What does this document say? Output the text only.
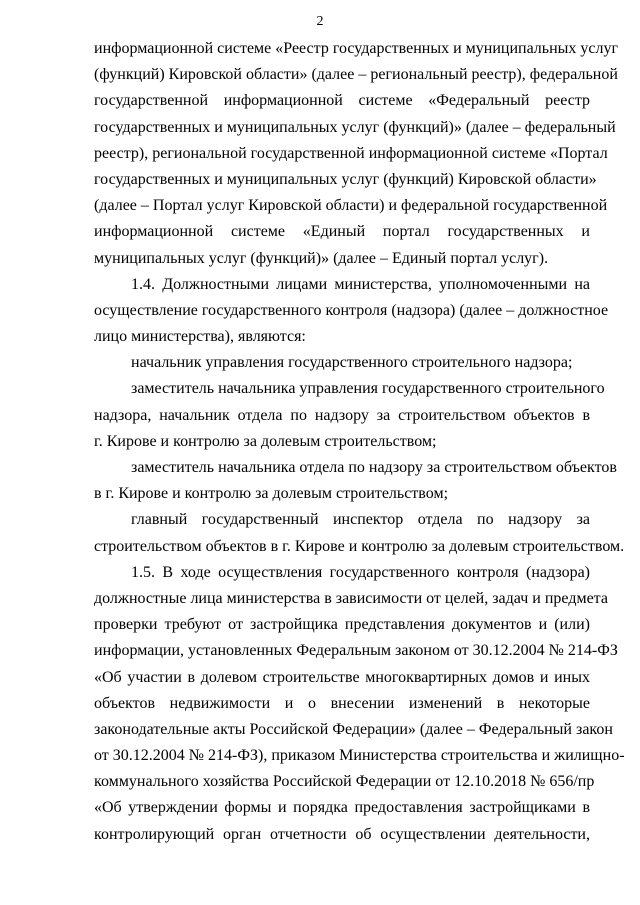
2
информационной системе «Реестр государственных и муниципальных услуг
(функций) Кировской области» (далее – региональный реестр), федеральной
государственной информационной системе «Федеральный реестр
государственных и муниципальных услуг (функций)» (далее – федеральный
реестр), региональной государственной информационной системе «Портал
государственных и муниципальных услуг (функций) Кировской области»
(далее – Портал услуг Кировской области) и федеральной государственной
информационной системе «Единый портал государственных и
муниципальных услуг (функций)» (далее – Единый портал услуг).
1.4. Должностными лицами министерства, уполномоченными на
осуществление государственного контроля (надзора) (далее – должностное
лицо министерства), являются:
начальник управления государственного строительного надзора;
заместитель начальника управления государственного строительного
надзора, начальник отдела по надзору за строительством объектов в
г. Кирове и контролю за долевым строительством;
заместитель начальника отдела по надзору за строительством объектов
в г. Кирове и контролю за долевым строительством;
главный государственный инспектор отдела по надзору за
строительством объектов в г. Кирове и контролю за долевым строительством.
1.5. В ходе осуществления государственного контроля (надзора)
должностные лица министерства в зависимости от целей, задач и предмета
проверки требуют от застройщика представления документов и (или)
информации, установленных Федеральным законом от 30.12.2004 № 214-ФЗ
«Об участии в долевом строительстве многоквартирных домов и иных
объектов недвижимости и о внесении изменений в некоторые
законодательные акты Российской Федерации» (далее – Федеральный закон
от 30.12.2004 № 214-ФЗ), приказом Министерства строительства и жилищно-
коммунального хозяйства Российской Федерации от 12.10.2018 № 656/пр
«Об утверждении формы и порядка предоставления застройщиками в
контролирующий орган отчетности об осуществлении деятельности,
